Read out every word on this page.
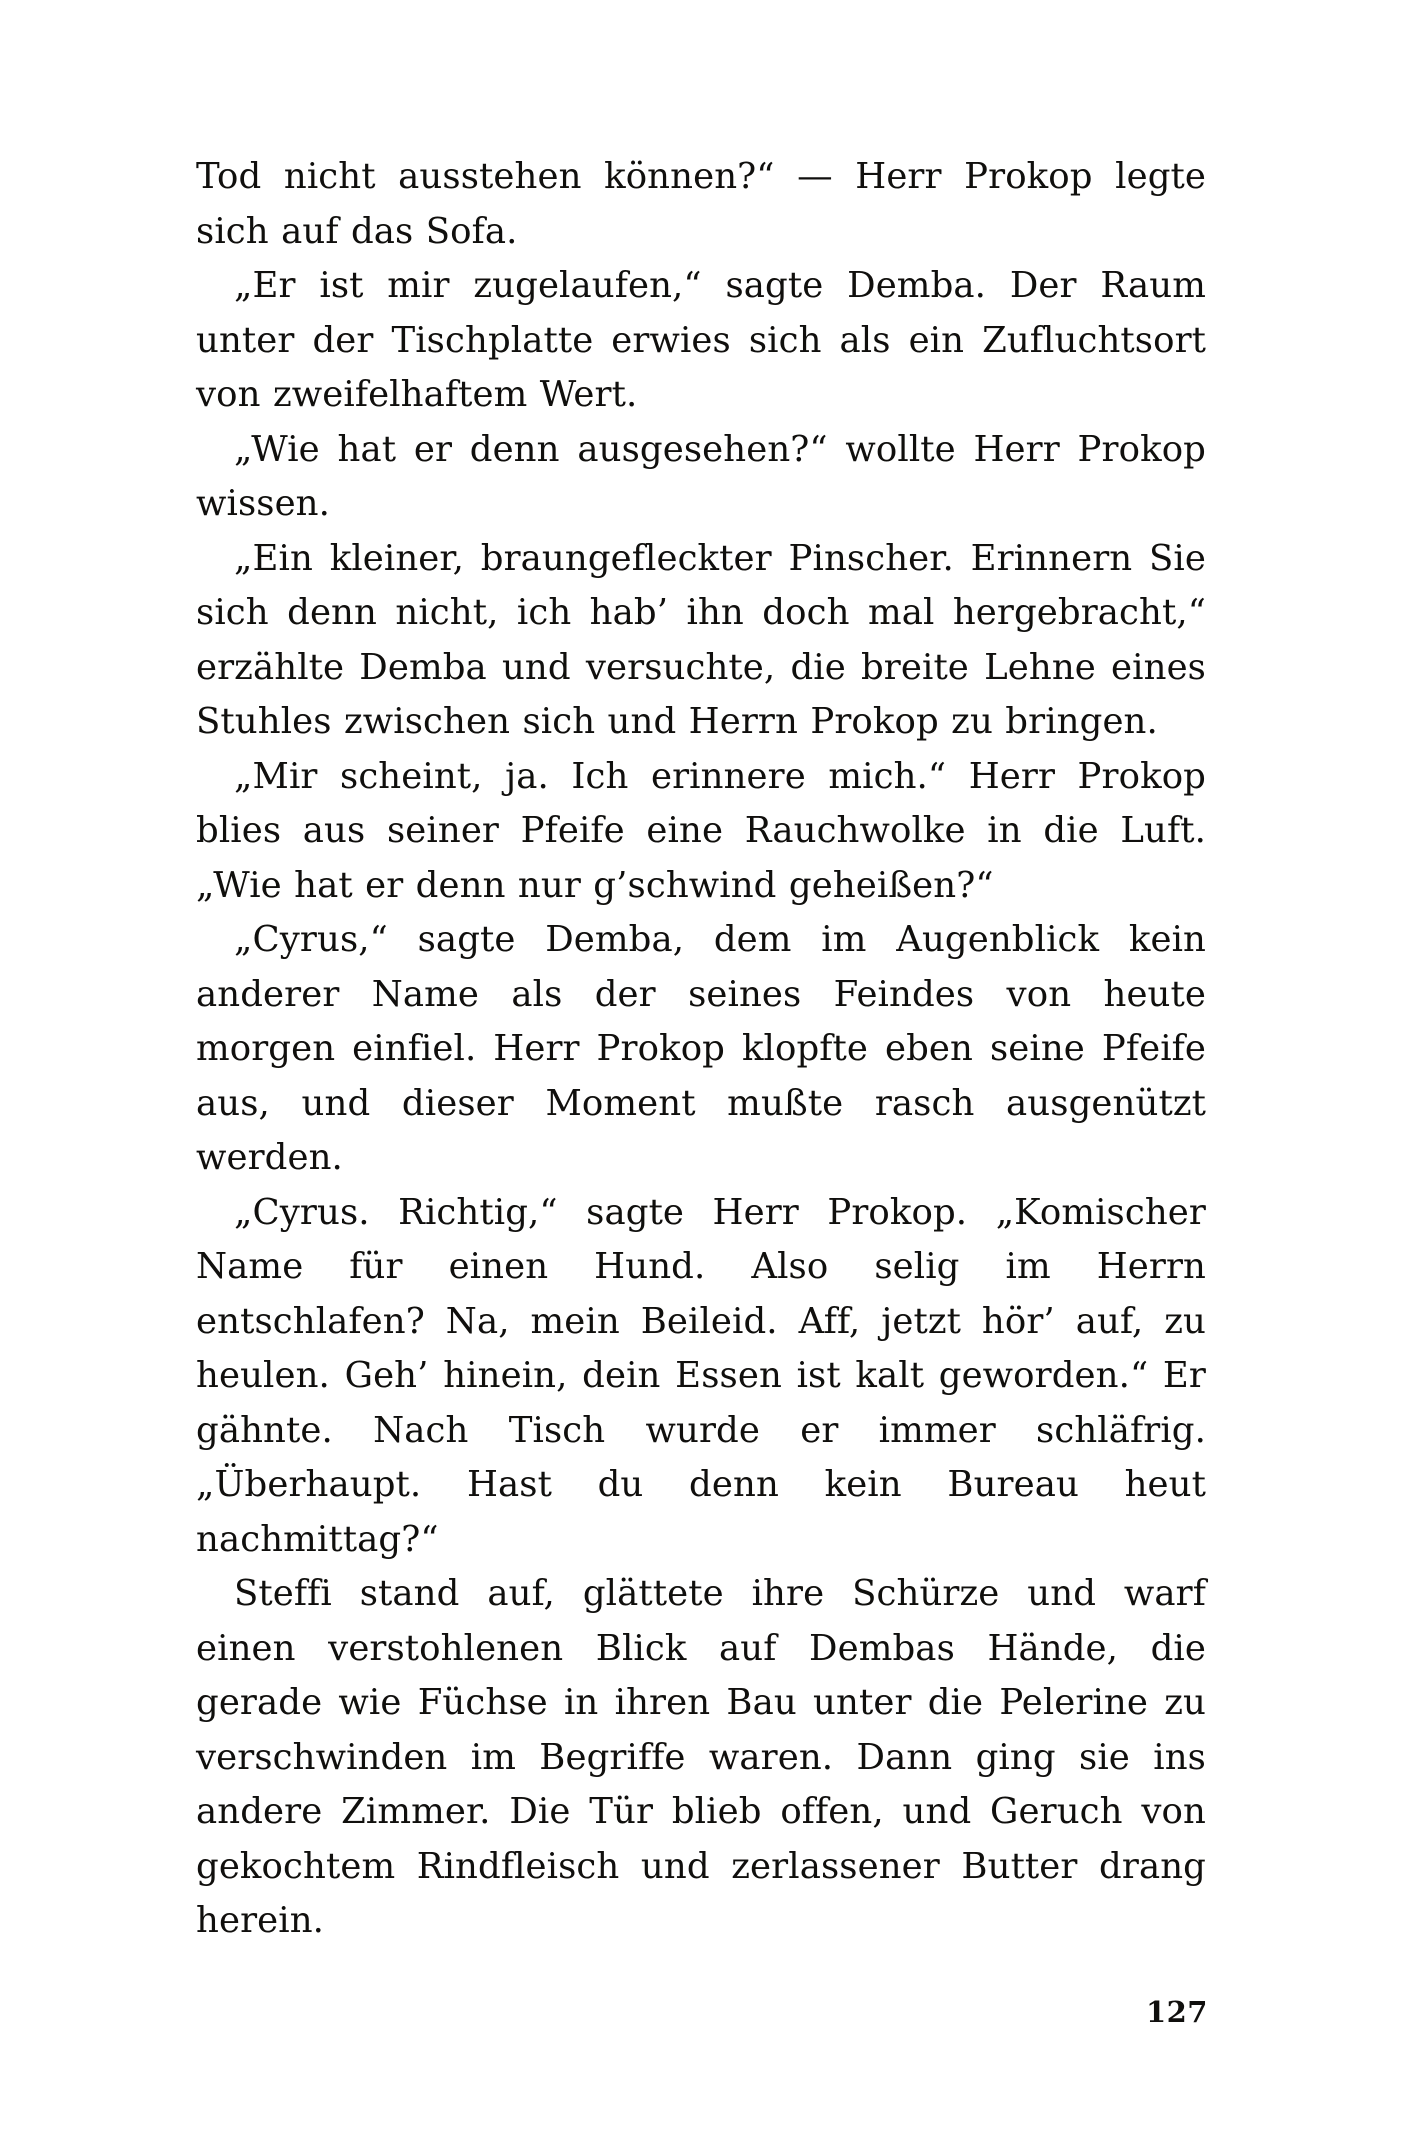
Tod nicht ausstehen können?“ — Herr Prokop legte sich auf das Sofa.

„Er ist mir zugelaufen,“ sagte Demba. Der Raum unter der Tischplatte erwies sich als ein Zufluchtsort von zweifelhaftem Wert.

„Wie hat er denn ausgesehen?“ wollte Herr Prokop wissen.

„Ein kleiner, braungefleckter Pinscher. Erinnern Sie sich denn nicht, ich hab’ ihn doch mal hergebracht,“ erzählte Demba und versuchte, die breite Lehne eines Stuhles zwischen sich und Herrn Prokop zu bringen.

„Mir scheint, ja. Ich erinnere mich.“ Herr Prokop blies aus seiner Pfeife eine Rauchwolke in die Luft. „Wie hat er denn nur g’schwind geheißen?“

„Cyrus,“ sagte Demba, dem im Augenblick kein anderer Name als der seines Feindes von heute morgen einfiel. Herr Prokop klopfte eben seine Pfeife aus, und dieser Moment mußte rasch ausgenützt werden.

„Cyrus. Richtig,“ sagte Herr Prokop. „Komischer Name für einen Hund. Also selig im Herrn entschlafen? Na, mein Beileid. Aff, jetzt hör’ auf, zu heulen. Geh’ hinein, dein Essen ist kalt geworden.“ Er gähnte. Nach Tisch wurde er immer schläfrig. „Überhaupt. Hast du denn kein Bureau heut nachmittag?“

Steffi stand auf, glättete ihre Schürze und warf einen verstohlenen Blick auf Dembas Hände, die gerade wie Füchse in ihren Bau unter die Pelerine zu verschwinden im Begriffe waren. Dann ging sie ins andere Zimmer. Die Tür blieb offen, und Geruch von gekochtem Rindfleisch und zerlassener Butter drang herein.

127
